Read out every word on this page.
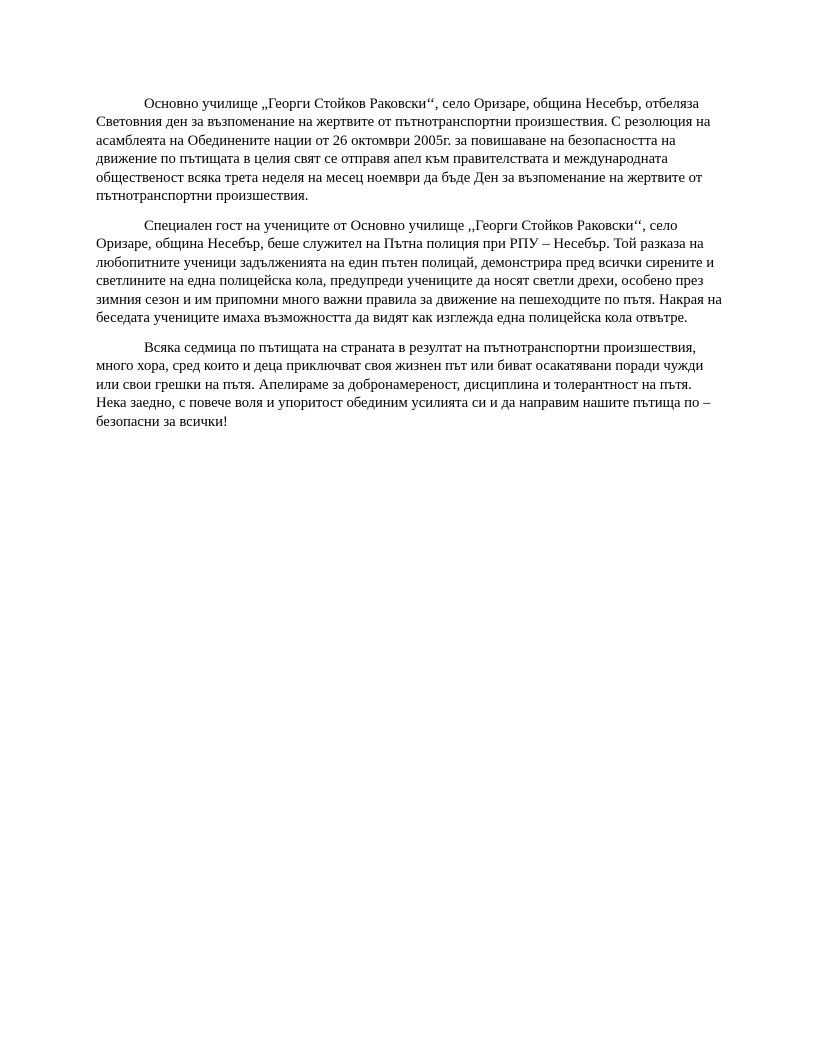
Основно училище „Георги Стойков Раковски‘‘, село Оризаре, община Несебър, отбеляза
Световния ден за възпоменание на жертвите от пътнотранспортни произшествия. С резолюция на
асамблеята на Обединените нации от 26 октомври 2005г. за повишаване на безопасността на
движение по пътищата в целия свят се отправя апел към правителствата и международната
общественост всяка трета неделя на месец ноември да бъде Ден за възпоменание на жертвите от
пътнотранспортни произшествия.

Специален гост на учениците от Основно училище ,,Георги Стойков Раковски‘‘, село
Оризаре, община Несебър, беше служител на Пътна полиция при РПУ – Несебър. Той разказа на
любопитните ученици задълженията на един пътен полицай, демонстрира пред всички сирените и
светлините на една полицейска кола, предупреди учениците да носят светли дрехи, особено през
зимния сезон и им припомни много важни правила за движение на пешеходците по пътя. Накрая на
беседата учениците имаха възможността да видят как изглежда една полицейска кола отвътре.

Всяка седмица по пътищата на страната в резултат на пътнотранспортни произшествия,
много хора, сред които и деца приключват своя жизнен път или биват осакатявани поради чужди
или свои грешки на пътя. Апелираме за добронамереност, дисциплина и толерантност на пътя.
Нека заедно, с повече воля и упоритост обединим усилията си и да направим нашите пътища по –
безопасни за всички!
